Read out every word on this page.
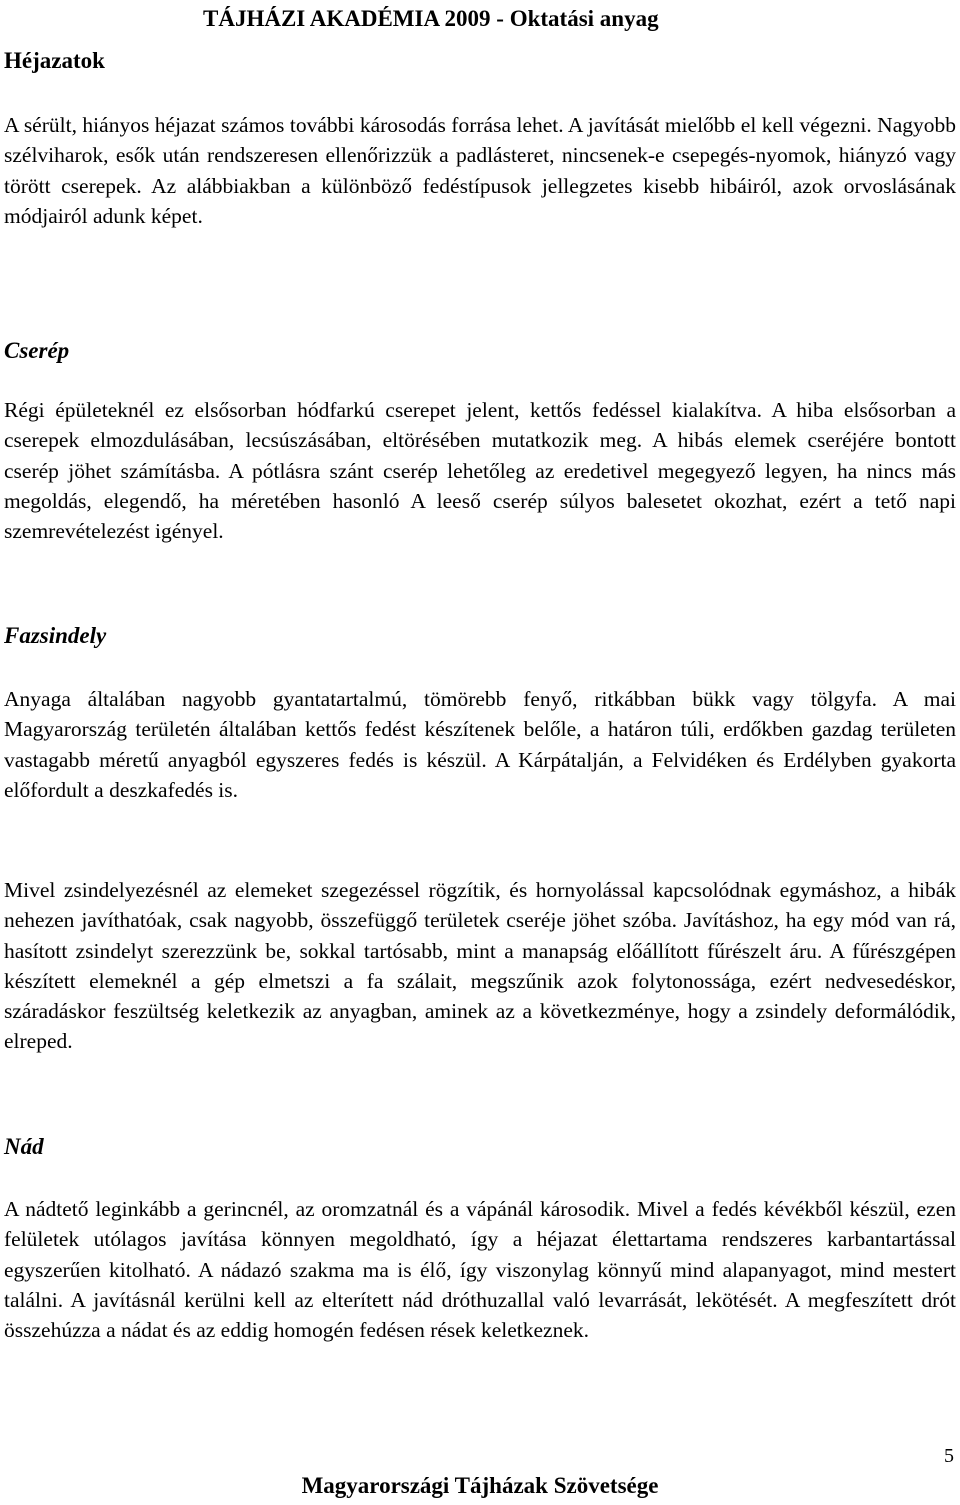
Héjazatok
TÁJHÁZI AKADÉMIA 2009 - Oktatási anyag

A sérült, hiányos héjazat számos további károsodás forrása lehet. A javítását mielőbb el kell végezni. Nagyobb szélviharok, esők után rendszeresen ellenőrizzük a padlásteret, nincsenek-e csepegés-nyomok, hiányzó vagy törött cserepek. Az alábbiakban a különböző fedéstípusok jellegzetes kisebb hibáiról, azok orvoslásának módjairól adunk képet.

Cserép

Régi épületeknél ez elsősorban hódfarkú cserepet jelent, kettős fedéssel kialakítva. A hiba elsősorban a cserepek elmozdulásában, lecsúszásában, eltörésében mutatkozik meg. A hibás elemek cseréjére bontott cserép jöhet számításba. A pótlásra szánt cserép lehetőleg az eredetivel megegyező legyen, ha nincs más megoldás, elegendő, ha méretében hasonló A leeső cserép súlyos balesetet okozhat, ezért a tető napi szemrevételezést igényel.

Fazsindely

Anyaga általában nagyobb gyantatartalmú, tömörebb fenyő, ritkábban bükk vagy tölgyfa. A mai Magyarország területén általában kettős fedést készítenek belőle, a határon túli, erdőkben gazdag területen vastagabb méretű anyagból egyszeres fedés is készül. A Kárpátalján, a Felvidéken és Erdélyben gyakorta előfordult a deszkafedés is.

Mivel zsindelyezésnél az elemeket szegezéssel rögzítik, és hornyolással kapcsolódnak egymáshoz, a hibák nehezen javíthatóak, csak nagyobb, összefüggő területek cseréje jöhet szóba. Javításhoz, ha egy mód van rá, hasított zsindelyt szerezzünk be, sokkal tartósabb, mint a manapság előállított fűrészelt áru. A fűrészgépen készített elemeknél a gép elmetszi a fa szálait, megszűnik azok folytonossága, ezért nedvesedéskor, száradáskor feszültség keletkezik az anyagban, aminek az a következménye, hogy a zsindely deformálódik, elreped.

Nád

A nádtető leginkább a gerincnél, az oromzatnál és a vápánál károsodik. Mivel a fedés kévékből készül, ezen felületek utólagos javítása könnyen megoldható, így a héjazat élettartama rendszeres karbantartással egyszerűen kitolható. A nádazó szakma ma is élő, így viszonylag könnyű mind alapanyagot, mind mestert találni. A javításnál kerülni kell az elterített nád dróthuzallal való levarrását, lekötését. A megfeszített drót összehúzza a nádat és az eddig homogén fedésen rések keletkeznek.

5
Magyarországi Tájházak Szövetsége
